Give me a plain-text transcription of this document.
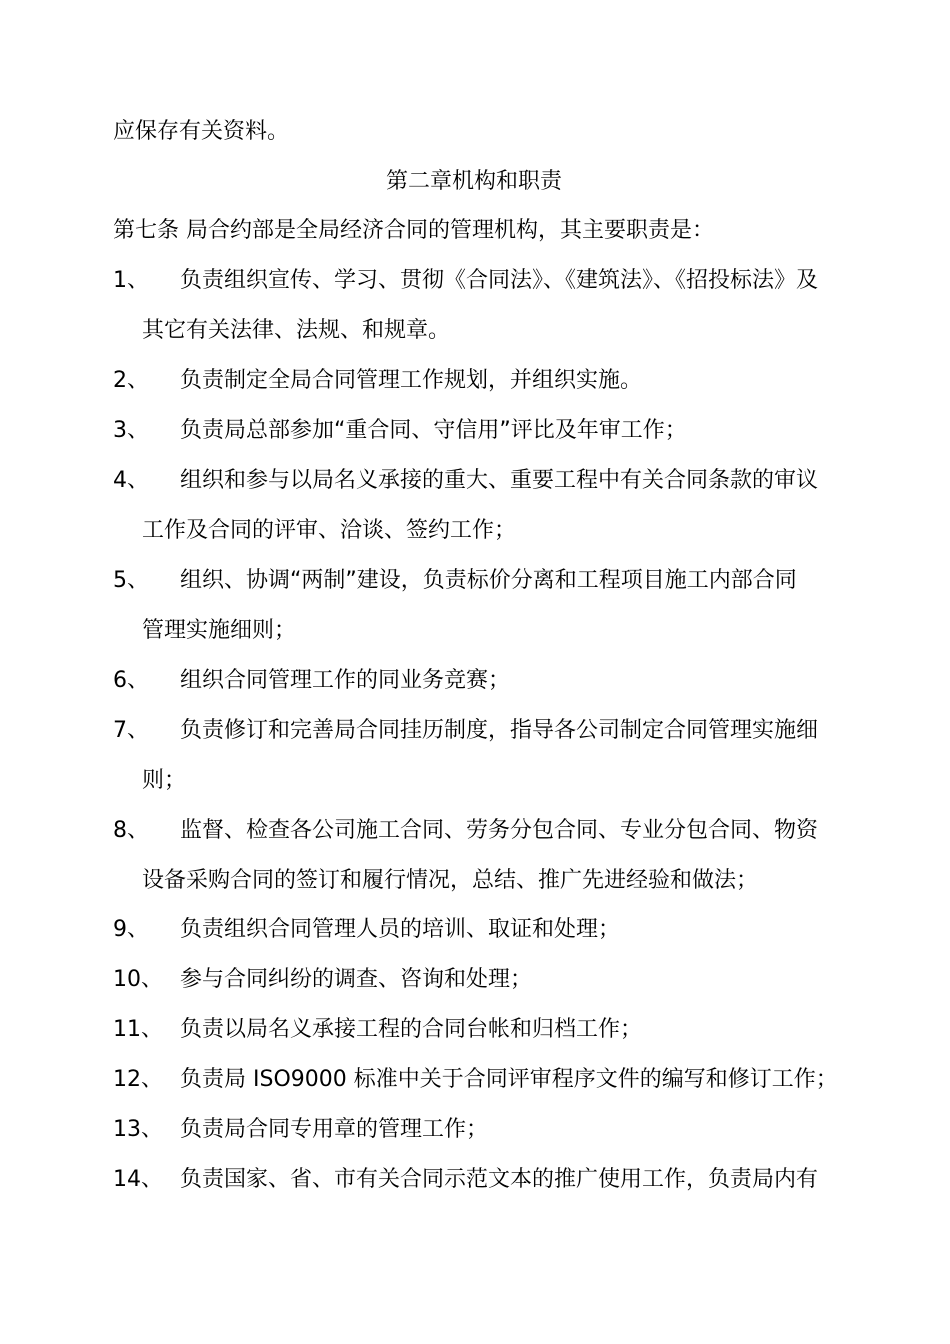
应保存有关资料。
第二章机构和职责
第七条 局合约部是全局经济合同的管理机构，其主要职责是：
1、 负责组织宣传、学习、贯彻《合同法》、《建筑法》、《招投标法》及
其它有关法律、法规、和规章。
2、 负责制定全局合同管理工作规划，并组织实施。
3、 负责局总部参加“重合同、守信用”评比及年审工作；
4、 组织和参与以局名义承接的重大、重要工程中有关合同条款的审议
工作及合同的评审、洽谈、签约工作；
5、 组织、协调“两制”建设，负责标价分离和工程项目施工内部合同
管理实施细则；
6、 组织合同管理工作的同业务竞赛；
7、 负责修订和完善局合同挂历制度，指导各公司制定合同管理实施细
则；
8、 监督、检查各公司施工合同、劳务分包合同、专业分包合同、物资
设备采购合同的签订和履行情况，总结、推广先进经验和做法；
9、 负责组织合同管理人员的培训、取证和处理；
10、 参与合同纠纷的调查、咨询和处理；
11、 负责以局名义承接工程的合同台帐和归档工作；
12、 负责局 ISO9000 标准中关于合同评审程序文件的编写和修订工作；
13、 负责局合同专用章的管理工作；
14、 负责国家、省、市有关合同示范文本的推广使用工作，负责局内有
